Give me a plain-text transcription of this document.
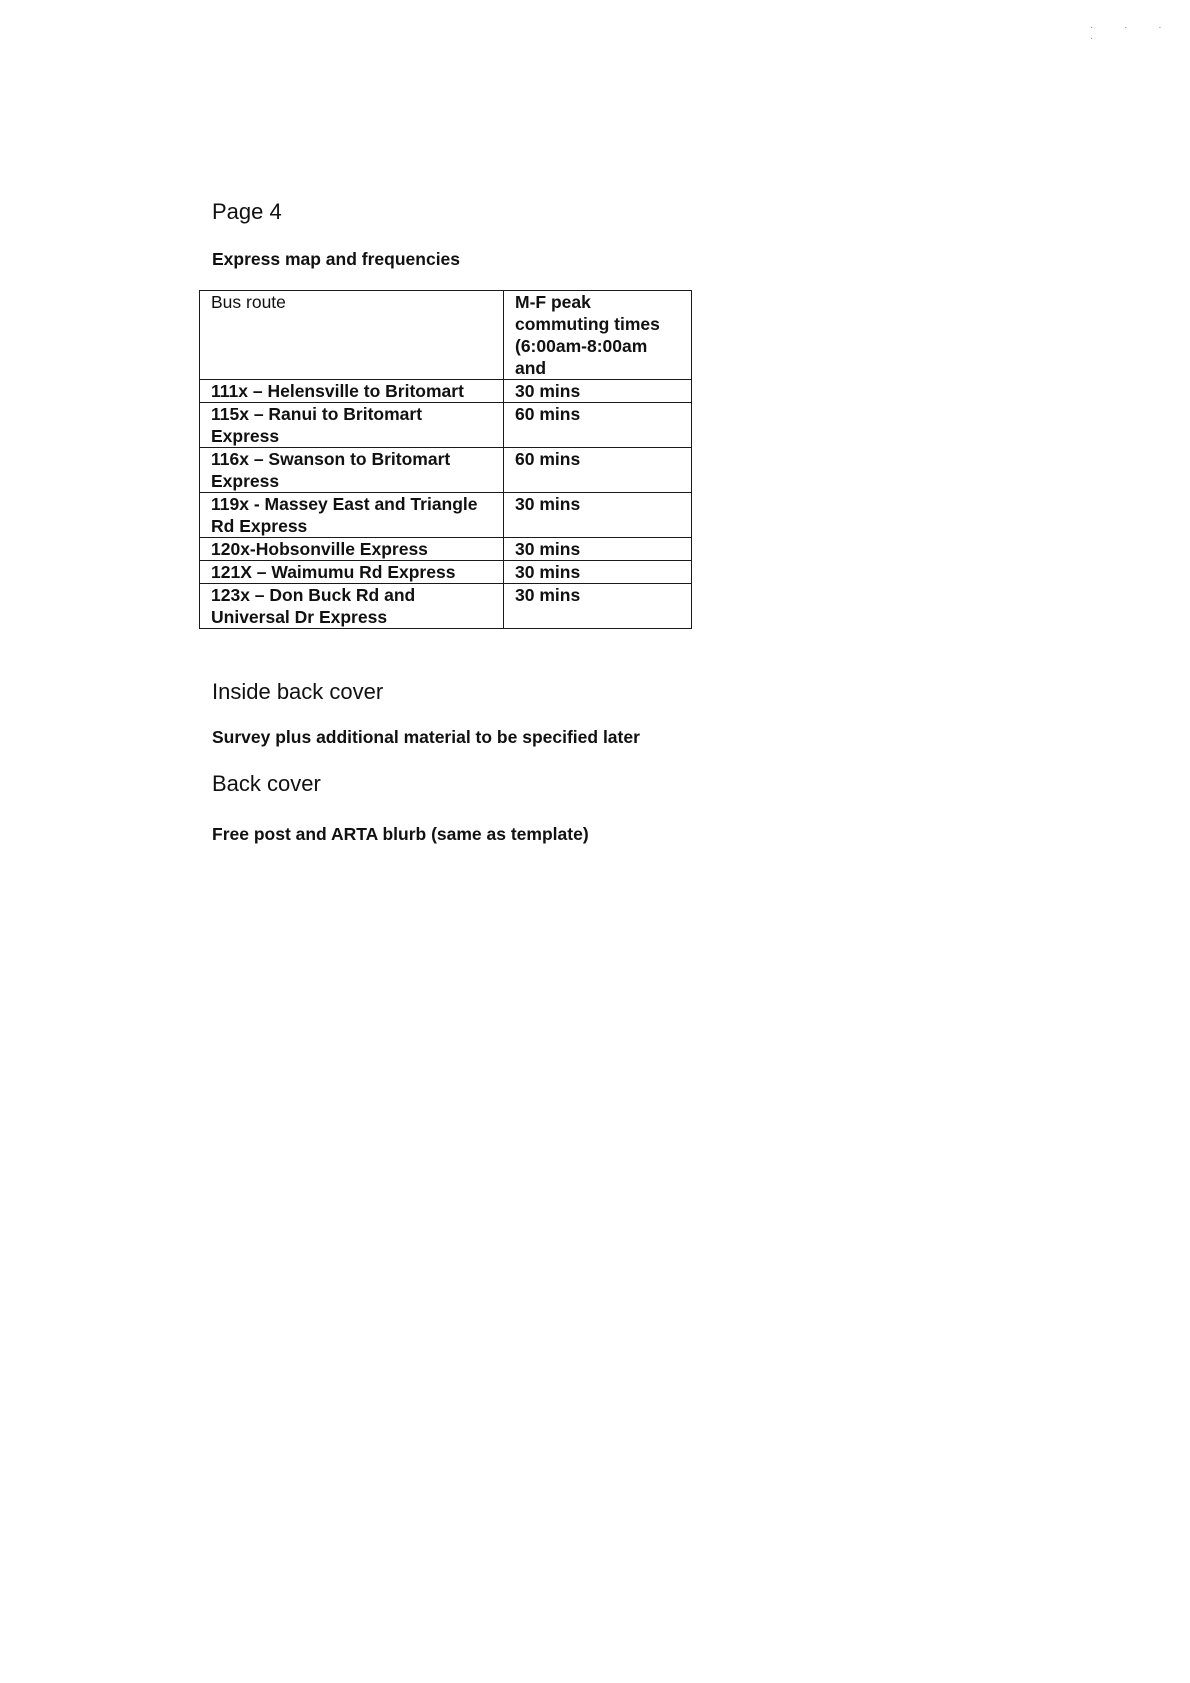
· · · ·
Page 4
Express map and frequencies
Bus route	M-F peak commuting times (6:00am-8:00am and
111x – Helensville to Britomart	30 mins
115x – Ranui to Britomart Express	60 mins
116x – Swanson to Britomart Express	60 mins
119x - Massey East and Triangle Rd Express	30 mins
120x-Hobsonville Express	30 mins
121X – Waimumu Rd Express	30 mins
123x – Don Buck Rd and Universal Dr Express	30 mins
Inside back cover
Survey plus additional material to be specified later
Back cover
Free post and ARTA blurb (same as template)
